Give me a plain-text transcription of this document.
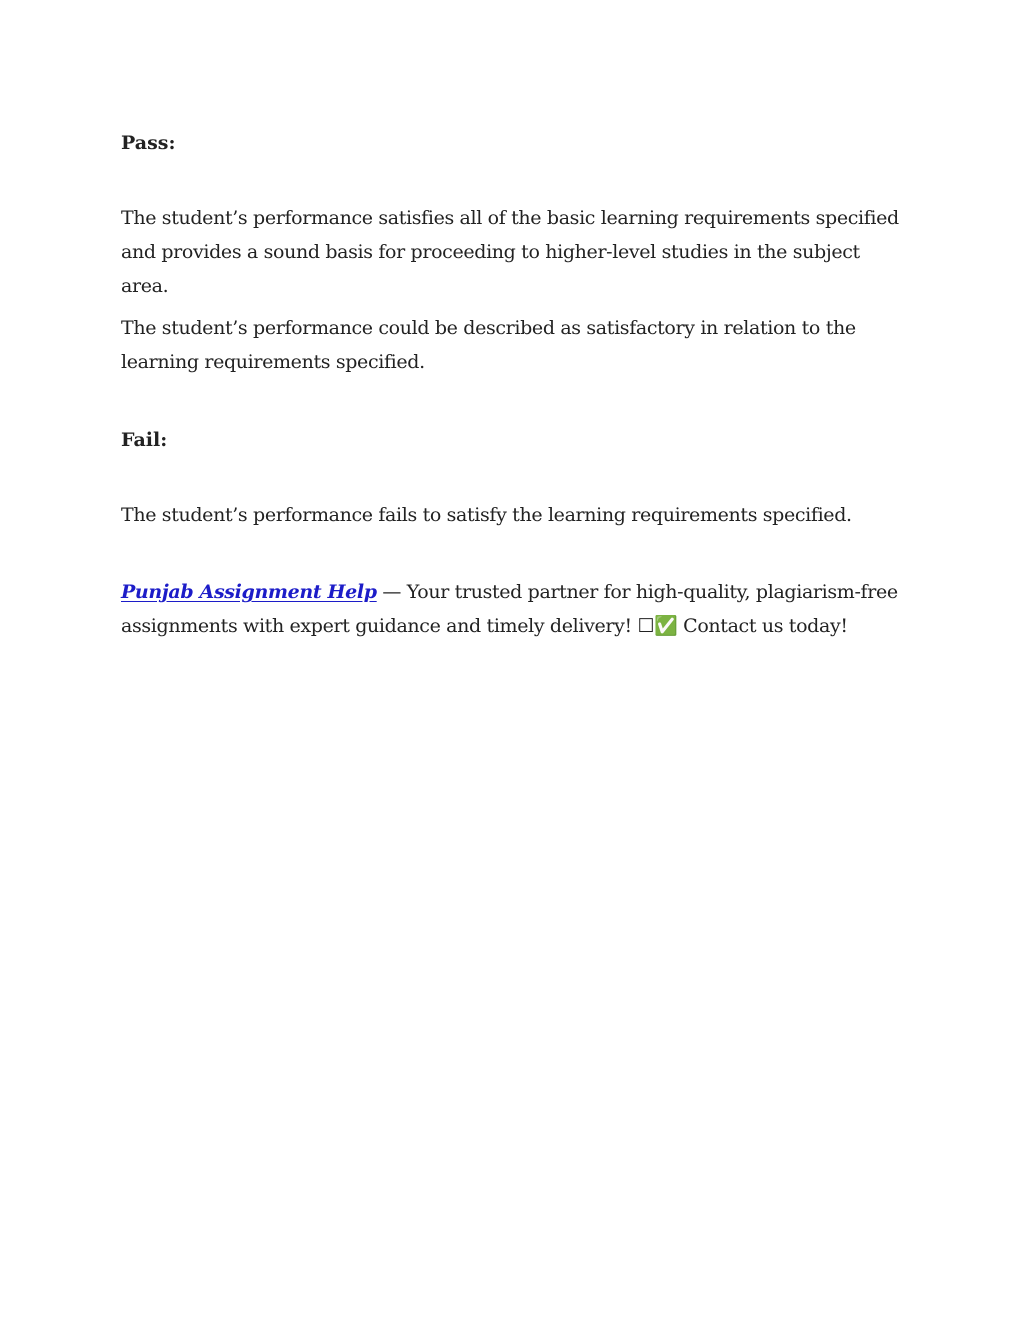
Pass:

The student’s performance satisfies all of the basic learning requirements specified and provides a sound basis for proceeding to higher-level studies in the subject area.

The student’s performance could be described as satisfactory in relation to the learning requirements specified.

Fail:

The student’s performance fails to satisfy the learning requirements specified.

Punjab Assignment Help — Your trusted partner for high-quality, plagiarism-free assignments with expert guidance and timely delivery! ☐✅ Contact us today!
